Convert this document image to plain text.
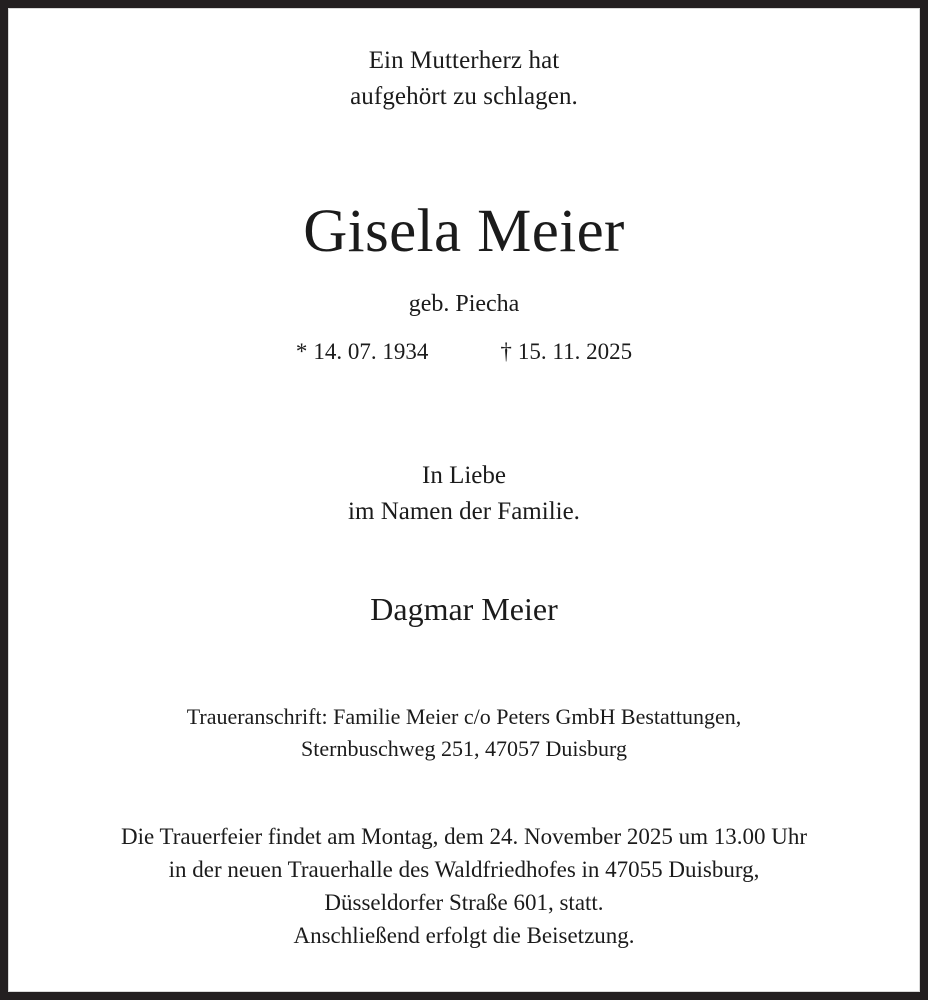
Ein Mutterherz hat
aufgehört zu schlagen.
Gisela Meier
geb. Piecha
* 14. 07. 1934	† 15. 11. 2025
In Liebe
im Namen der Familie.
Dagmar Meier
Traueranschrift: Familie Meier c/o Peters GmbH Bestattungen,
Sternbuschweg 251, 47057 Duisburg
Die Trauerfeier findet am Montag, dem 24. November 2025 um 13.00 Uhr
in der neuen Trauerhalle des Waldfriedhofes in 47055 Duisburg,
Düsseldorfer Straße 601, statt.
Anschließend erfolgt die Beisetzung.
